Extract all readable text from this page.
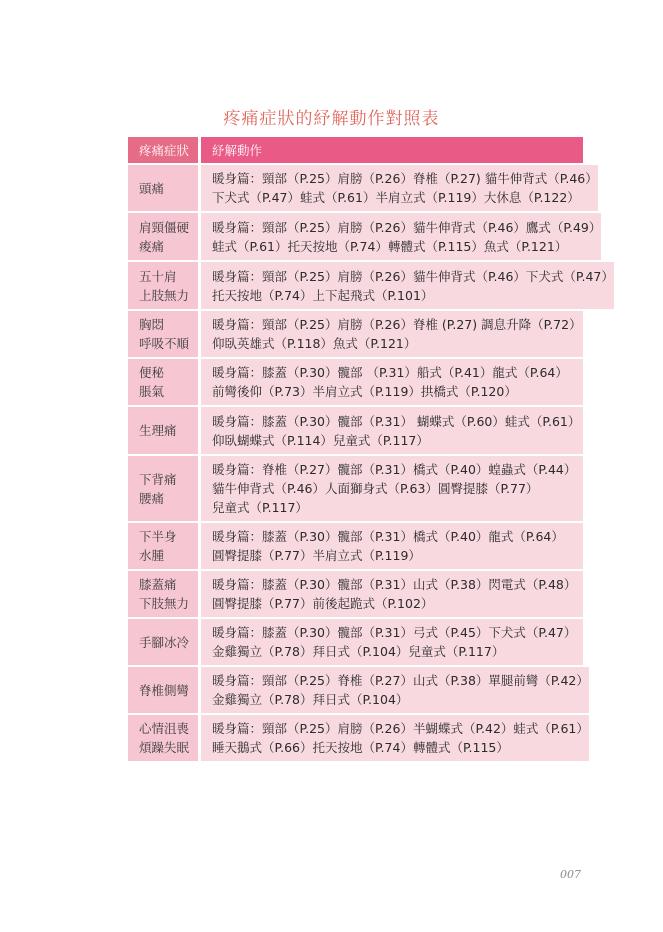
疼痛症狀的紓解動作對照表
疼痛症狀	紓解動作
頭痛
暖身篇：頸部（P.25）肩膀（P.26）脊椎（P.27) 貓牛伸背式（P.46）
下犬式（P.47）蛙式（P.61）半肩立式（P.119）大休息（P.122）
肩頸僵硬
痠痛
暖身篇：頸部（P.25）肩膀（P.26）貓牛伸背式（P.46）鷹式（P.49）
蛙式（P.61）托天按地（P.74）轉體式（P.115）魚式（P.121）
五十肩
上肢無力
暖身篇：頸部（P.25）肩膀（P.26）貓牛伸背式（P.46）下犬式（P.47）
托天按地（P.74）上下起飛式（P.101）
胸悶
呼吸不順
暖身篇：頸部（P.25）肩膀（P.26）脊椎 (P.27) 調息升降（P.72）
仰臥英雄式（P.118）魚式（P.121）
便秘
脹氣
暖身篇：膝蓋（P.30）髖部 （P.31）船式（P.41）龍式（P.64）
前彎後仰（P.73）半肩立式（P.119）拱橋式（P.120）
生理痛
暖身篇：膝蓋（P.30）髖部（P.31） 蝴蝶式（P.60）蛙式（P.61）
仰臥蝴蝶式（P.114）兒童式（P.117）
下背痛
腰痛
暖身篇：脊椎（P.27）髖部（P.31）橋式（P.40）蝗蟲式（P.44）
貓牛伸背式（P.46）人面獅身式（P.63）圓臀提膝（P.77）
兒童式（P.117）
下半身
水腫
暖身篇：膝蓋（P.30）髖部（P.31）橋式（P.40）龍式（P.64）
圓臀提膝（P.77）半肩立式（P.119）
膝蓋痛
下肢無力
暖身篇：膝蓋（P.30）髖部（P.31）山式（P.38）閃電式（P.48）
圓臀提膝（P.77）前後起跪式（P.102）
手腳冰冷
暖身篇：膝蓋（P.30）髖部（P.31）弓式（P.45）下犬式（P.47）
金雞獨立（P.78）拜日式（P.104）兒童式（P.117）
脊椎側彎
暖身篇：頸部（P.25）脊椎（P.27）山式（P.38）單腿前彎（P.42）
金雞獨立（P.78）拜日式（P.104）
心情沮喪
煩躁失眠
暖身篇：頸部（P.25）肩膀（P.26）半蝴蝶式（P.42）蛙式（P.61）
睡天鵝式（P.66）托天按地（P.74）轉體式（P.115）
007
